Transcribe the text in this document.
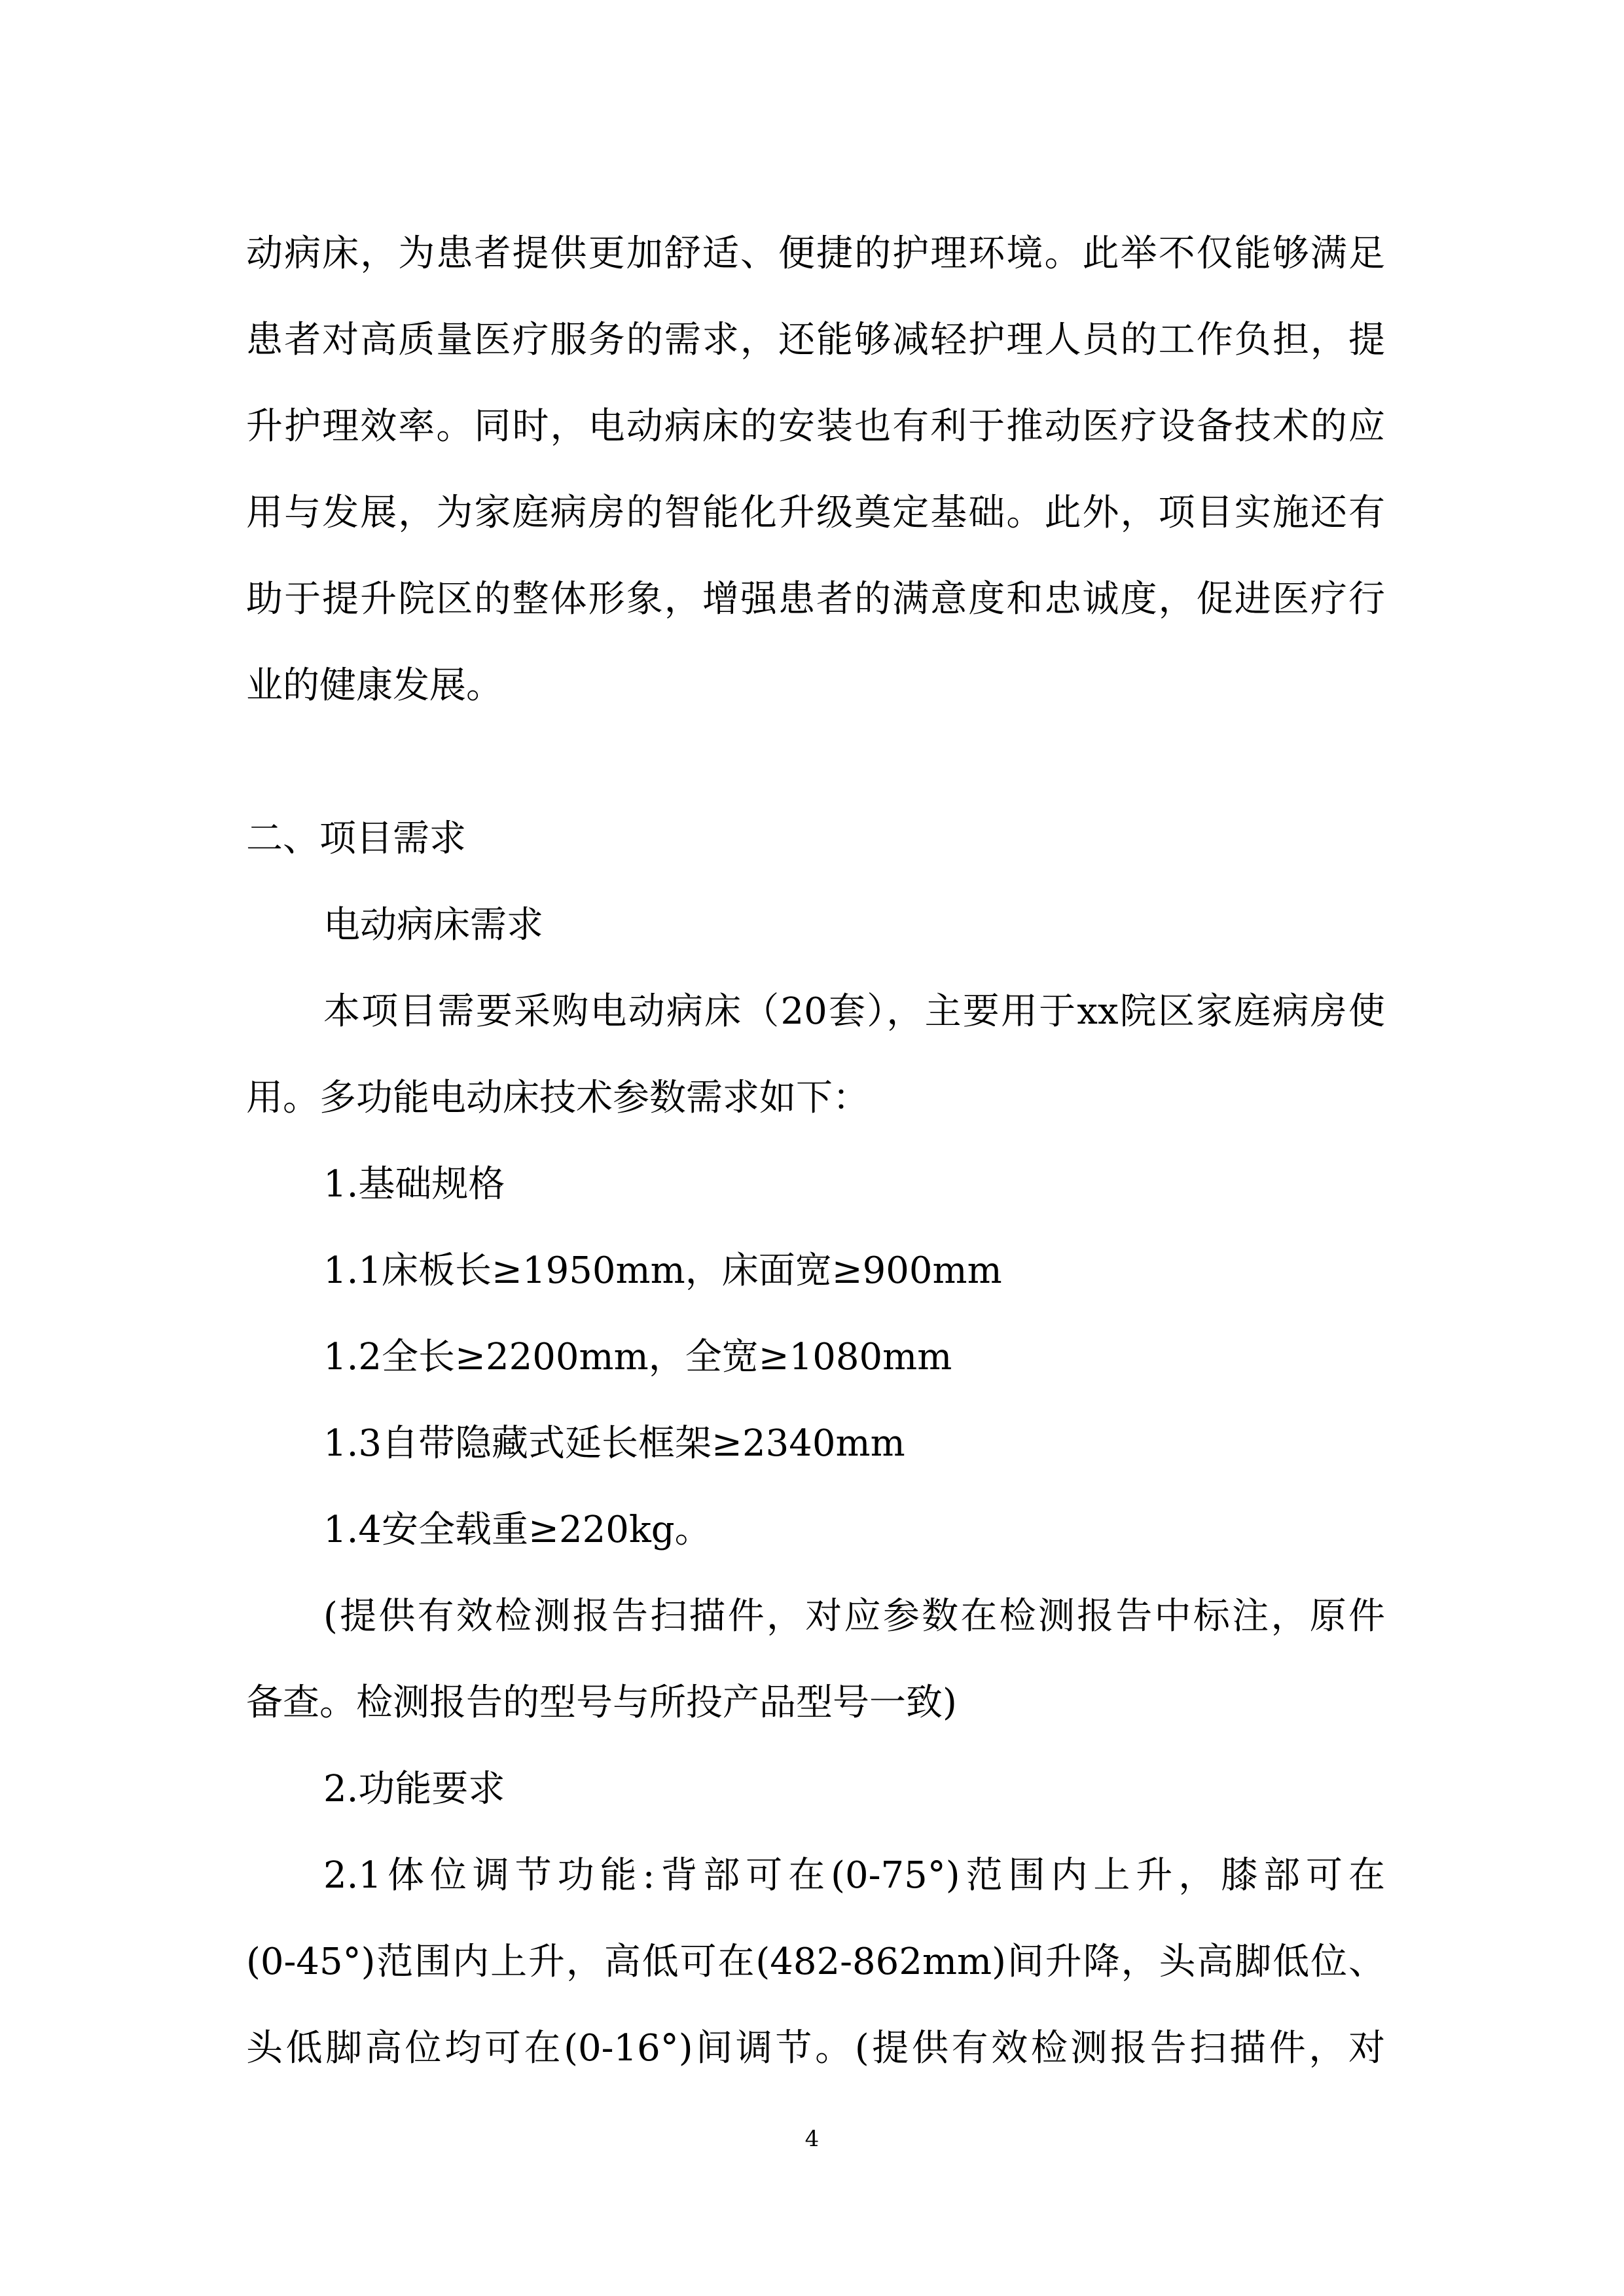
动病床，为患者提供更加舒适、便捷的护理环境。此举不仅能够满足
患者对高质量医疗服务的需求，还能够减轻护理人员的工作负担，提
升护理效率。同时，电动病床的安装也有利于推动医疗设备技术的应
用与发展，为家庭病房的智能化升级奠定基础。此外，项目实施还有
助于提升院区的整体形象，增强患者的满意度和忠诚度，促进医疗行
业的健康发展。
二、项目需求
电动病床需求
本项目需要采购电动病床（20套），主要用于xx院区家庭病房使
用。多功能电动床技术参数需求如下：
1.基础规格
1.1床板长≥1950mm，床面宽≥900mm
1.2全长≥2200mm，全宽≥1080mm
1.3自带隐藏式延长框架≥2340mm
1.4安全载重≥220kg。
(提供有效检测报告扫描件，对应参数在检测报告中标注，原件
备查。检测报告的型号与所投产品型号一致)
2.功能要求
2.1体位调节功能:背部可在(0-75°)范围内上升，膝部可在
(0-45°)范围内上升，高低可在(482-862mm)间升降，头高脚低位、
头低脚高位均可在(0-16°)间调节。(提供有效检测报告扫描件，对
4
